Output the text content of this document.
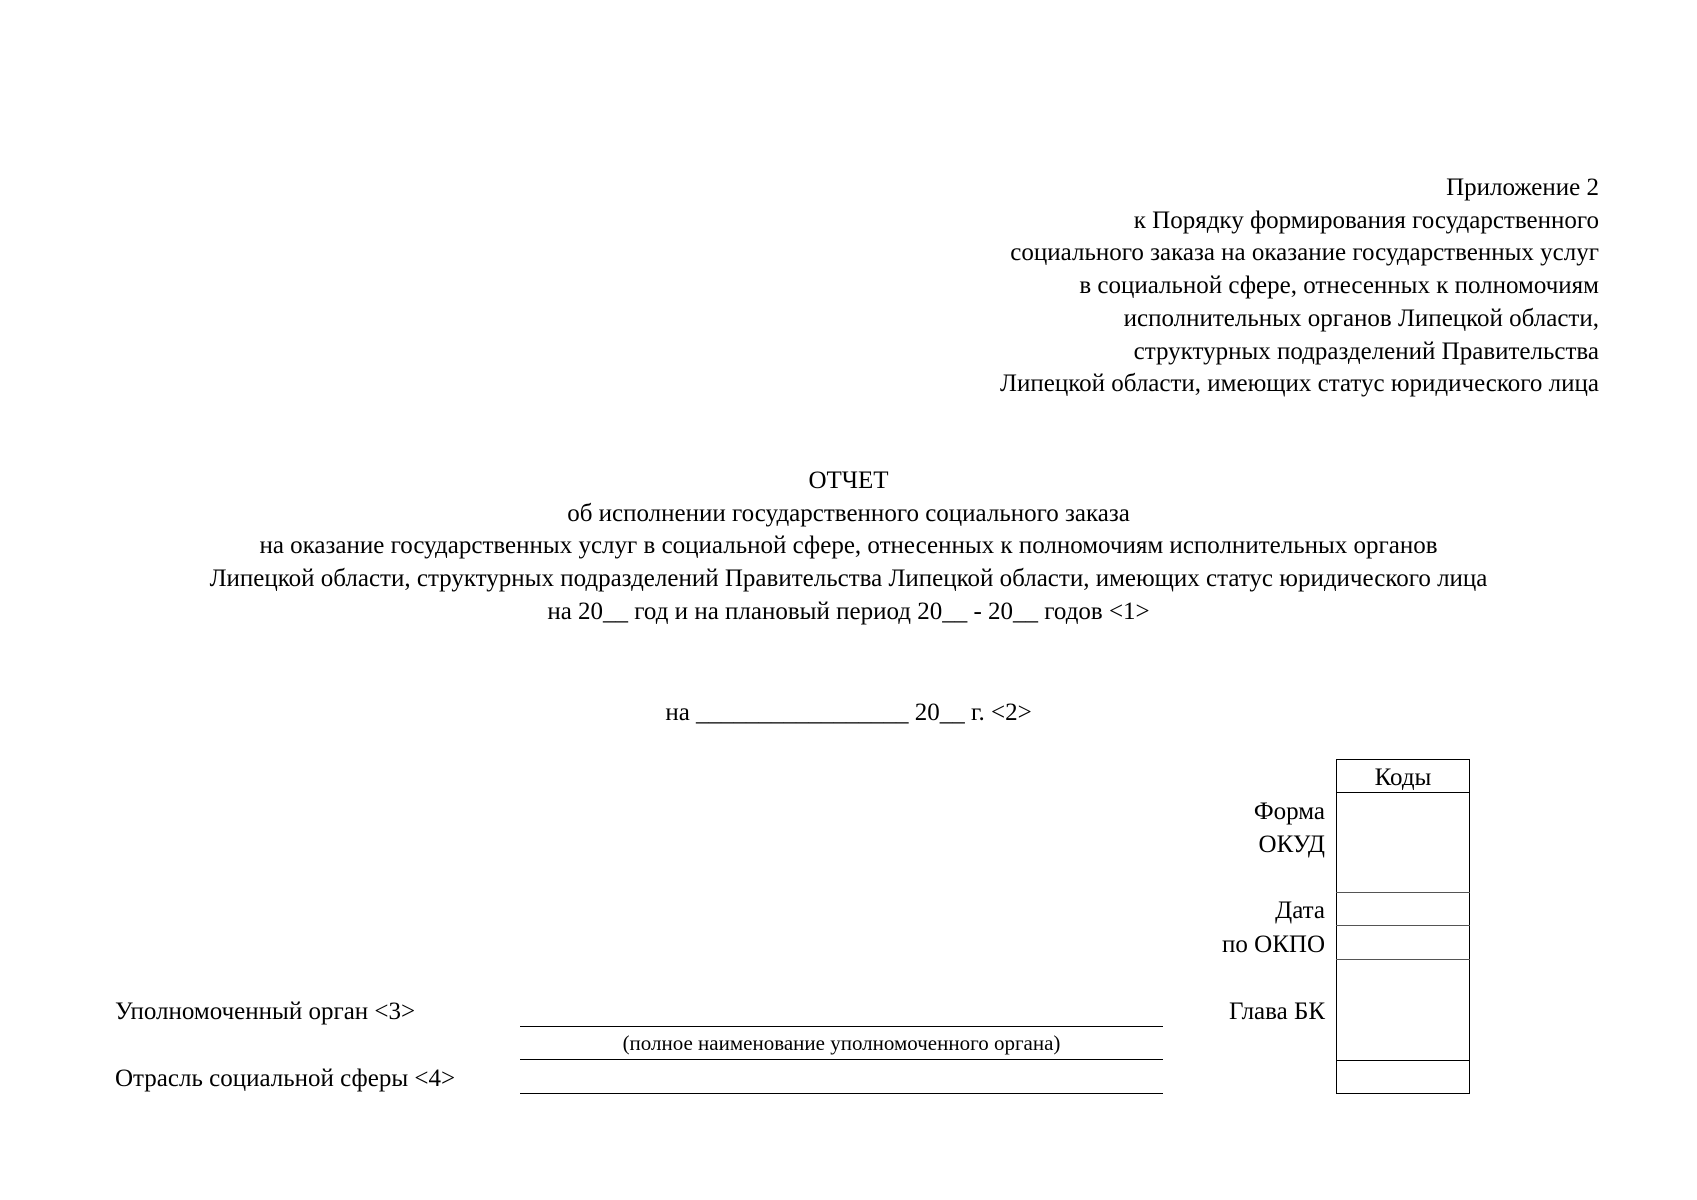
Приложение 2
к Порядку формирования государственного
социального заказа на оказание государственных услуг
в социальной сфере, отнесенных к полномочиям
исполнительных органов Липецкой области,
структурных подразделений Правительства
Липецкой области, имеющих статус юридического лица
ОТЧЕТ
об исполнении государственного социального заказа
на оказание государственных услуг в социальной сфере, отнесенных к полномочиям исполнительных органов
Липецкой области, структурных подразделений Правительства Липецкой области, имеющих статус юридического лица
на 20__ год и на плановый период 20__ - 20__ годов <1>
на _________________ 20__ г. <2>
Коды
Форма
ОКУД
Дата
по ОКПО
Глава БК
Уполномоченный орган <3>
(полное наименование уполномоченного органа)
Отрасль социальной сферы <4>
